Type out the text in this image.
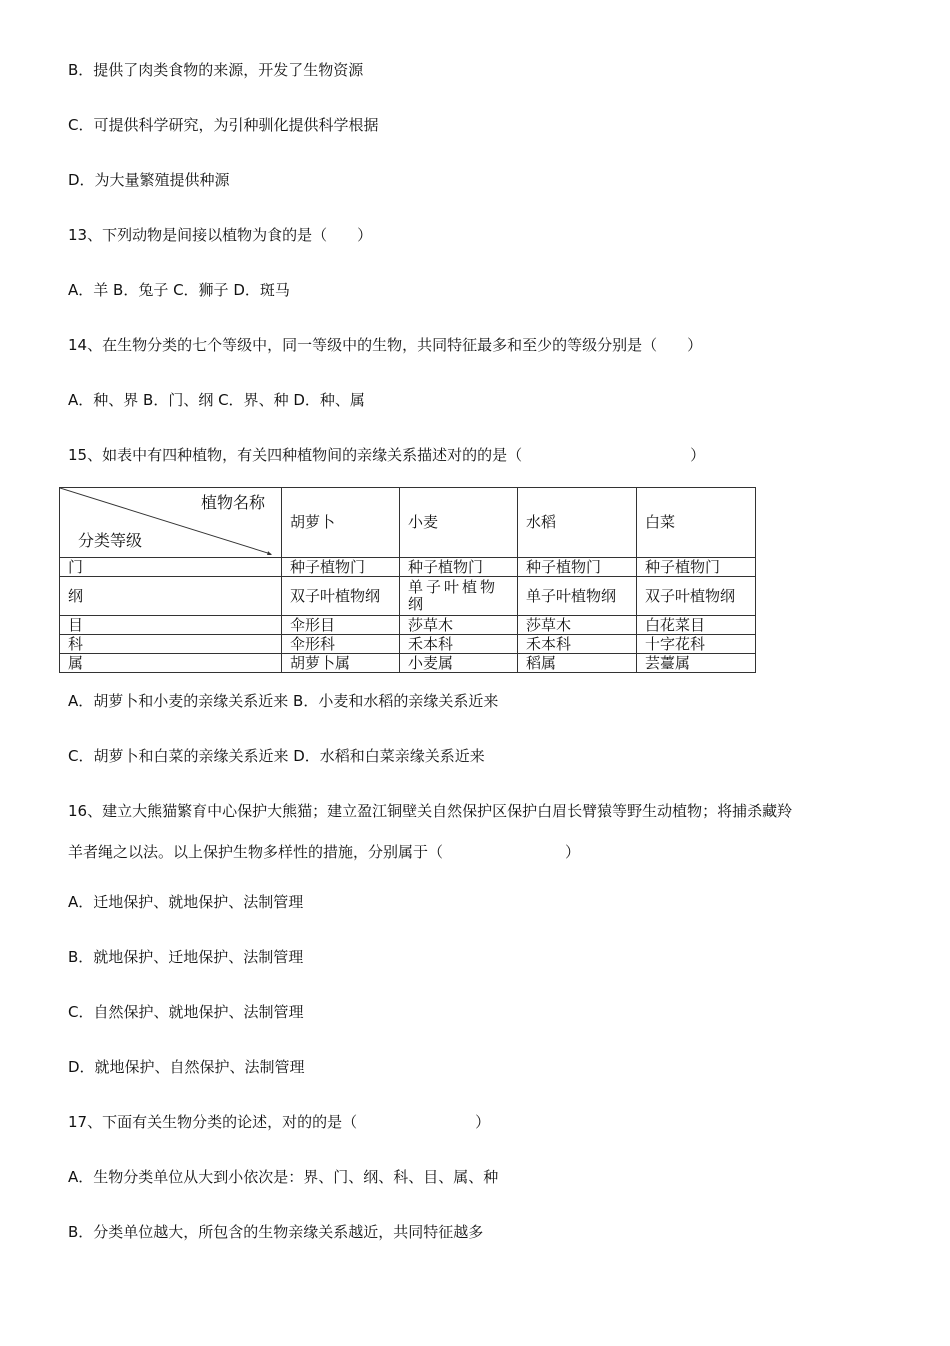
B．提供了肉类食物的来源，开发了生物资源
C．可提供科学研究，为引种驯化提供科学根据
D．为大量繁殖提供种源
13、下列动物是间接以植物为食的是（　　）
A．羊 B．兔子 C．狮子 D．斑马
14、在生物分类的七个等级中，同一等级中的生物，共同特征最多和至少的等级分别是（　　）
A．种、界 B．门、纲 C．界、种 D．种、属
15、如表中有四种植物，有关四种植物间的亲缘关系描述对的的是（	）
植物名称
分类等级	胡萝卜	小麦	水稻	白菜
门	种子植物门	种子植物门	种子植物门	种子植物门
纲	双子叶植物纲	单子叶植物纲	单子叶植物纲	双子叶植物纲
目	伞形目	莎草木	莎草木	白花菜目
科	伞形科	禾本科	禾本科	十字花科
属	胡萝卜属	小麦属	稻属	芸薹属
A．胡萝卜和小麦的亲缘关系近来 B．小麦和水稻的亲缘关系近来
C．胡萝卜和白菜的亲缘关系近来 D．水稻和白菜亲缘关系近来
16、建立大熊猫繁育中心保护大熊猫；建立盈江铜壁关自然保护区保护白眉长臂猿等野生动植物；将捕杀藏羚
羊者绳之以法。以上保护生物多样性的措施，分别属于（	）
A．迁地保护、就地保护、法制管理
B．就地保护、迁地保护、法制管理
C．自然保护、就地保护、法制管理
D．就地保护、自然保护、法制管理
17、下面有关生物分类的论述，对的的是（	）
A．生物分类单位从大到小依次是：界、门、纲、科、目、属、种
B．分类单位越大，所包含的生物亲缘关系越近，共同特征越多
